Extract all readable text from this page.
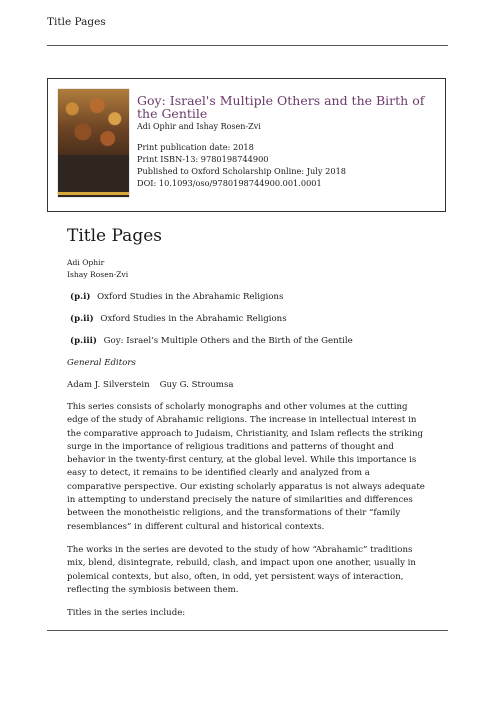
Title Pages
Goy: Israel's Multiple Others and the Birth of the Gentile
Adi Ophir and Ishay Rosen-Zvi
Print publication date: 2018
Print ISBN-13: 9780198744900
Published to Oxford Scholarship Online: July 2018
DOI: 10.1093/oso/9780198744900.001.0001
Title Pages
Adi Ophir
Ishay Rosen-Zvi
(p.i) Oxford Studies in the Abrahamic Religions
(p.ii) Oxford Studies in the Abrahamic Religions
(p.iii) Goy: Israel’s Multiple Others and the Birth of the Gentile
General Editors
Adam J. Silverstein Guy G. Stroumsa
This series consists of scholarly monographs and other volumes at the cutting edge of the study of Abrahamic religions. The increase in intellectual interest in the comparative approach to Judaism, Christianity, and Islam reflects the striking surge in the importance of religious traditions and patterns of thought and behavior in the twenty-first century, at the global level. While this importance is easy to detect, it remains to be identified clearly and analyzed from a comparative perspective. Our existing scholarly apparatus is not always adequate in attempting to understand precisely the nature of similarities and differences between the monotheistic religions, and the transformations of their “family resemblances” in different cultural and historical contexts.
The works in the series are devoted to the study of how “Abrahamic” traditions mix, blend, disintegrate, rebuild, clash, and impact upon one another, usually in polemical contexts, but also, often, in odd, yet persistent ways of interaction, reflecting the symbiosis between them.
Titles in the series include:
